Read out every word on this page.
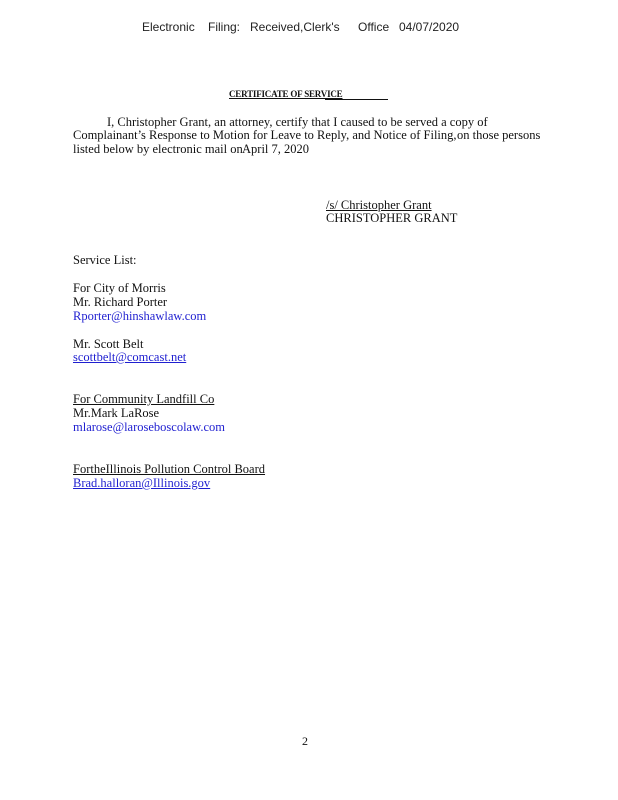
Electronic Filing: Received,Clerk's Office 04/07/2020
CERTIFICATE OF SERVICE
I, Christopher Grant, an attorney, certify that I caused to be served a copy of
Complainant’s Response to Motion for Leave to Reply, and Notice of Filing, on those persons
listed below by electronic mail on April 7, 2020
/s/ Christopher Grant
CHRISTOPHER GRANT
Service List:
For City of Morris
Mr. Richard Porter
Rporter@hinshawlaw.com
Mr. Scott Belt
scottbelt@comcast.net
For Community Landfill Co
Mr.Mark LaRose
mlarose@laroseboscolaw.com
FortheIllinois Pollution Control Board
Brad.halloran@Illinois.gov
2
